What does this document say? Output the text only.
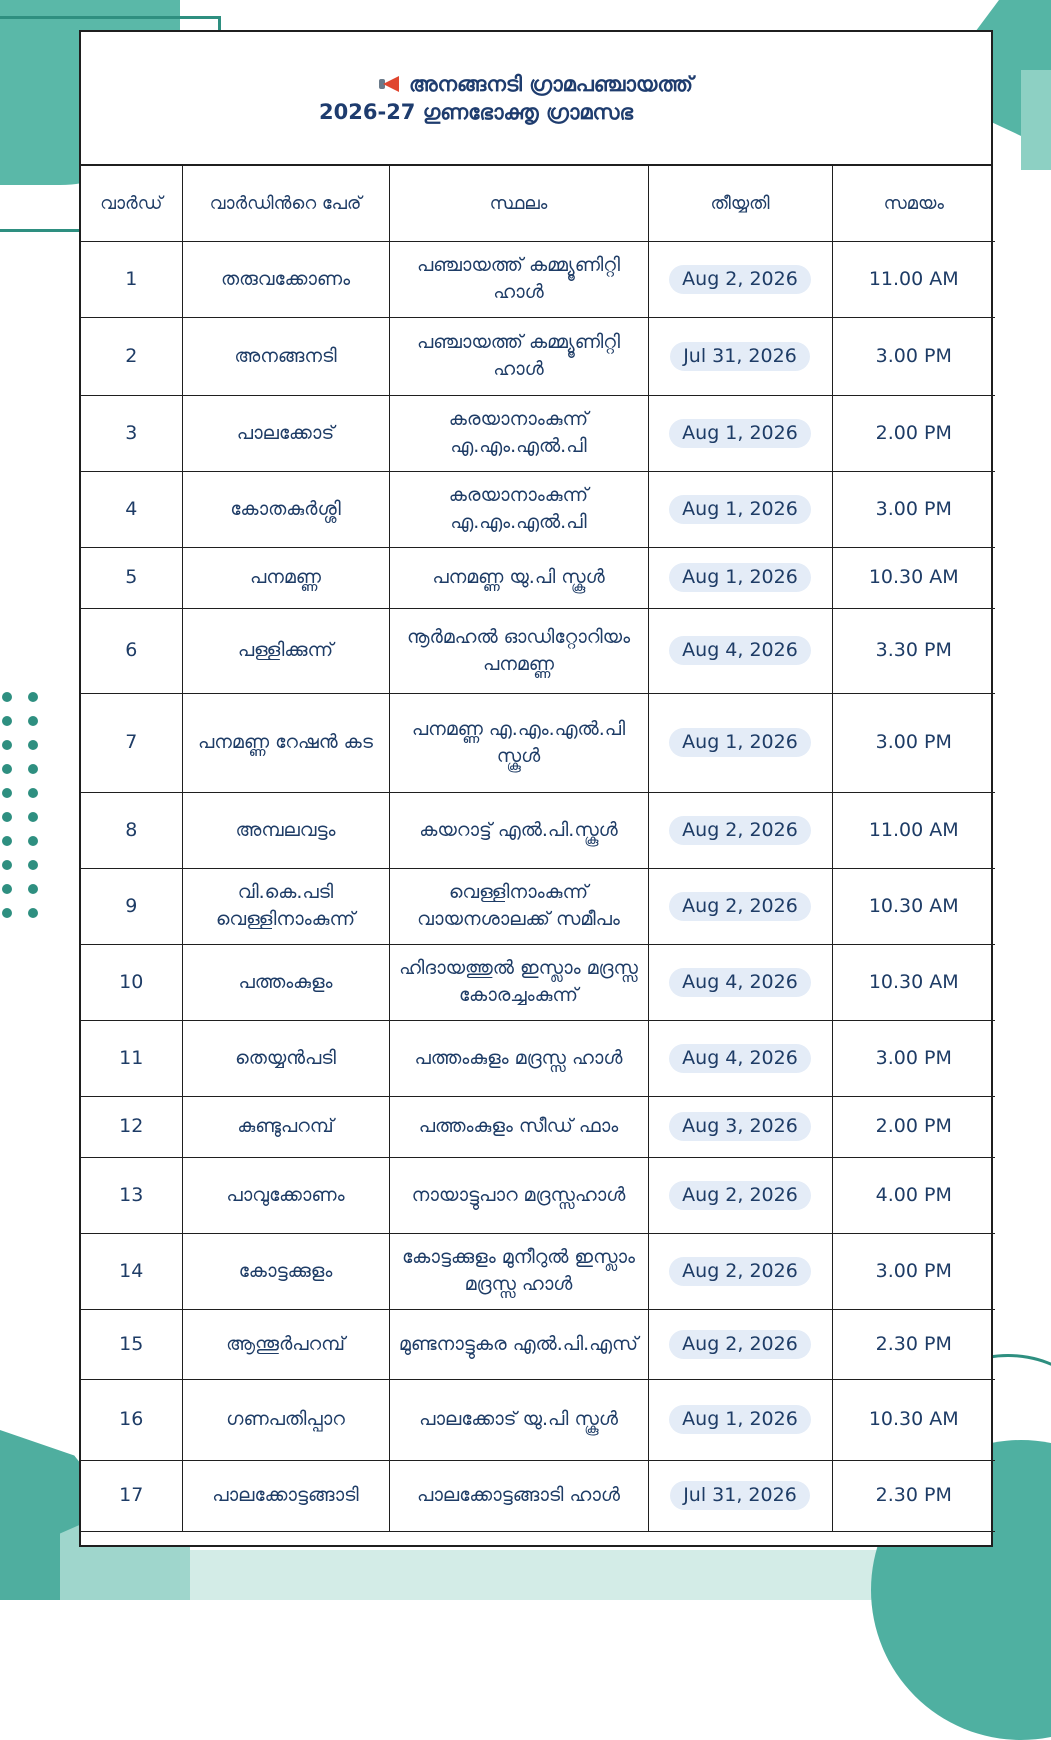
അനങ്ങനടി ഗ്രാമപഞ്ചായത്ത്
2026-27 ഗുണഭോക്തൃ ഗ്രാമസഭ
വാർഡ്	വാർഡിൻറെ പേര്	സ്ഥലം	തീയ്യതി	സമയം
1	തരുവക്കോണം	പഞ്ചായത്ത് കമ്മ്യൂണിറ്റി ഹാൾ	Aug 2, 2026	11.00 AM
2	അനങ്ങനടി	പഞ്ചായത്ത് കമ്മ്യൂണിറ്റി ഹാൾ	Jul 31, 2026	3.00 PM
3	പാലക്കോട്	കരയാനാംകുന്ന് എ.എം.എൽ.പി	Aug 1, 2026	2.00 PM
4	കോതകുർശ്ശി	കരയാനാംകുന്ന് എ.എം.എൽ.പി	Aug 1, 2026	3.00 PM
5	പനമണ്ണ	പനമണ്ണ യു.പി സ്കൂൾ	Aug 1, 2026	10.30 AM
6	പള്ളിക്കുന്ന്	നൂർമഹൽ ഓഡിറ്റോറിയം പനമണ്ണ	Aug 4, 2026	3.30 PM
7	പനമണ്ണ റേഷൻ കട	പനമണ്ണ എ.എം.എൽ.പി സ്കൂൾ	Aug 1, 2026	3.00 PM
8	അമ്പലവട്ടം	കയറാട്ട് എൽ.പി.സ്കൂൾ	Aug 2, 2026	11.00 AM
9	വി.കെ.പടി വെള്ളിനാംകുന്ന്	വെള്ളിനാംകുന്ന് വായനശാലക്ക് സമീപം	Aug 2, 2026	10.30 AM
10	പത്തംകുളം	ഹിദായത്തുൽ ഇസ്ലാം മദ്രസ്സ കോരച്ചംകുന്ന്	Aug 4, 2026	10.30 AM
11	തെയ്യൻപടി	പത്തംകുളം മദ്രസ്സ ഹാൾ	Aug 4, 2026	3.00 PM
12	കുണ്ടുപറമ്പ്	പത്തംകുളം സീഡ് ഫാം	Aug 3, 2026	2.00 PM
13	പാവുക്കോണം	നായാട്ടുപാറ മദ്രസ്സഹാൾ	Aug 2, 2026	4.00 PM
14	കോട്ടക്കുളം	കോട്ടക്കുളം മുനീറുൽ ഇസ്ലാം മദ്രസ്സ ഹാൾ	Aug 2, 2026	3.00 PM
15	ആന്തൂർപറമ്പ്	മുണ്ടനാട്ടുകര എൽ.പി.എസ്	Aug 2, 2026	2.30 PM
16	ഗണപതിപ്പാറ	പാലക്കോട് യു.പി സ്കൂൾ	Aug 1, 2026	10.30 AM
17	പാലക്കോട്ടങ്ങാടി	പാലക്കോട്ടങ്ങാടി ഹാൾ	Jul 31, 2026	2.30 PM
